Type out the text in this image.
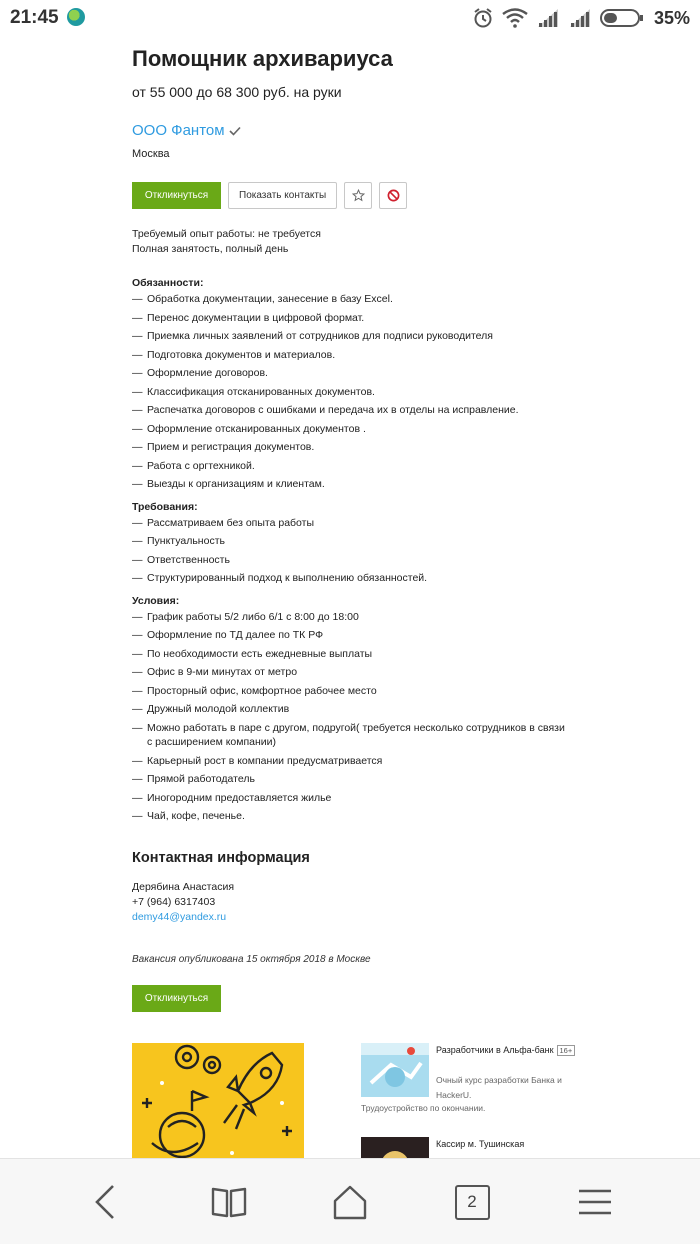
21:45	35%
Помощник архивариуса
от 55 000 до 68 300 руб. на руки
ООО Фантом
Москва
Откликнуться	Показать контакты
Требуемый опыт работы: не требуется
Полная занятость, полный день
Обязанности:
— Обработка документации, занесение в базу Excel.
— Перенос документации в цифровой формат.
— Приемка личных заявлений от сотрудников для подписи руководителя
— Подготовка документов и материалов.
— Оформление договоров.
— Классификация отсканированных документов.
— Распечатка договоров с ошибками и передача их в отделы на исправление.
— Оформление отсканированных документов .
— Прием и регистрация документов.
— Работа с оргтехникой.
— Выезды к организациям и клиентам.
Требования:
— Рассматриваем без опыта работы
— Пунктуальность
— Ответственность
— Структурированный подход к выполнению обязанностей.
Условия:
— График работы 5/2 либо 6/1 с 8:00 до 18:00
— Оформление по ТД далее по ТК РФ
— По необходимости есть ежедневные выплаты
— Офис в 9-ми минутах от метро
— Просторный офис, комфортное рабочее место
— Дружный молодой коллектив
— Можно работать в паре с другом, подругой( требуется несколько сотрудников в связи с расширением компании)
— Карьерный рост в компании предусматривается
— Прямой работодатель
— Иногородним предоставляется жилье
— Чай, кофе, печенье.
Контактная информация
Дерябина Анастасия
+7 (964) 6317403
demy44@yandex.ru
Вакансия опубликована 15 октября 2018 в Москве
Откликнуться
Разработчики в Альфа-банк 16+
Очный курс разработки Банка и HackerU.
Трудоустройство по окончании.
Кассир м. Тушинская
2
